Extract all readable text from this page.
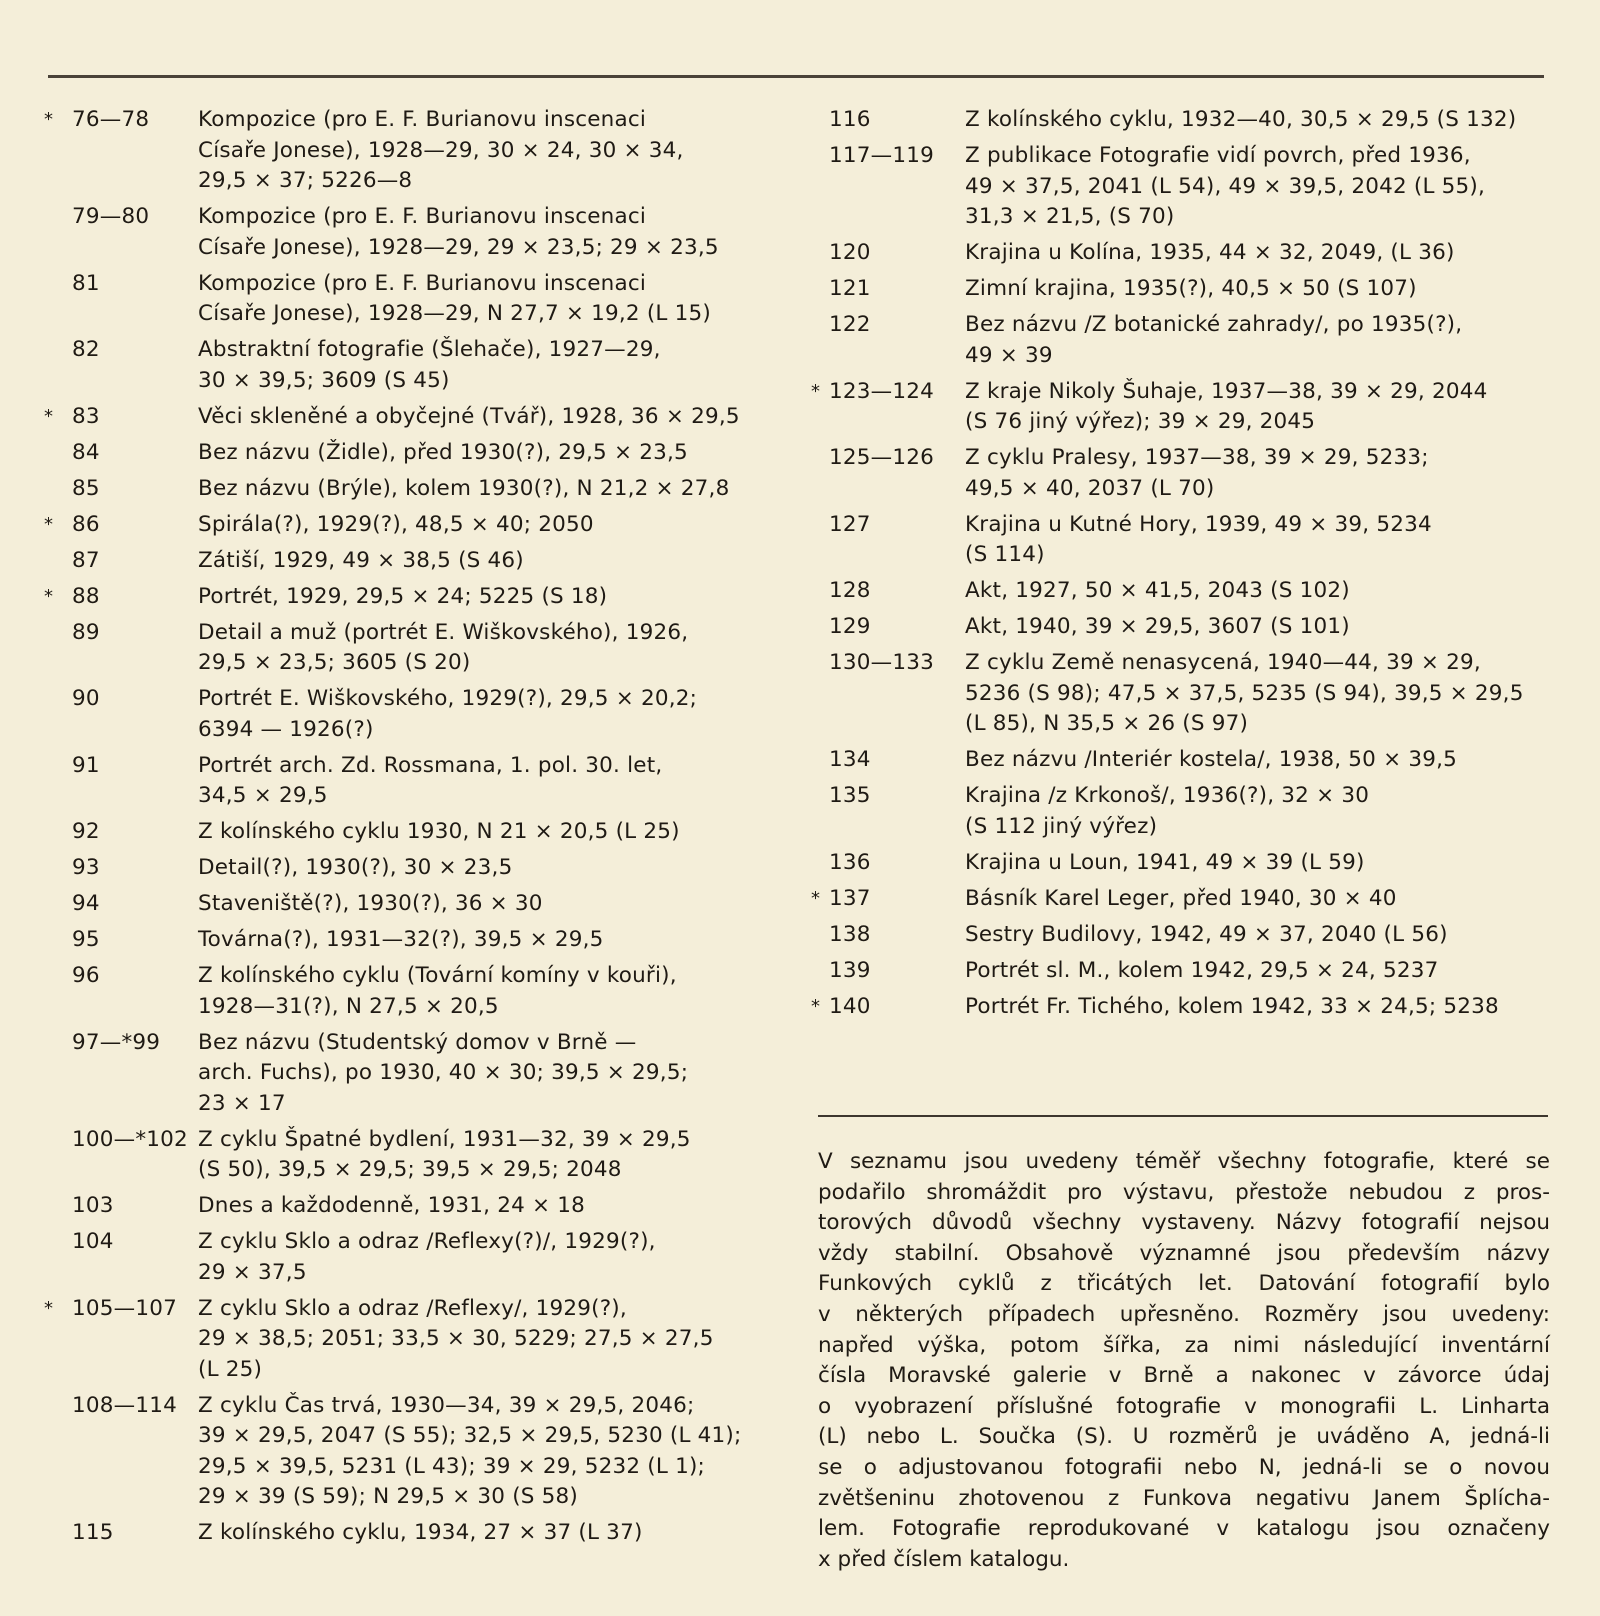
* 76—78 Kompozice (pro E. F. Burianovu inscenaci
Císaře Jonese), 1928—29, 30 × 24, 30 × 34,
29,5 × 37; 5226—8
79—80 Kompozice (pro E. F. Burianovu inscenaci
Císaře Jonese), 1928—29, 29 × 23,5; 29 × 23,5
81	Kompozice (pro E. F. Burianovu inscenaci
Císaře Jonese), 1928—29, N 27,7 × 19,2 (L 15)
82	Abstraktní fotografie (Šlehače), 1927—29,
30 × 39,5; 3609 (S 45)
* 83	Věci skleněné a obyčejné (Tvář), 1928, 36 × 29,5
84	Bez názvu (Židle), před 1930(?), 29,5 × 23,5
85	Bez názvu (Brýle), kolem 1930(?), N 21,2 × 27,8
* 86	Spirála(?), 1929(?), 48,5 × 40; 2050
87	Zátiší, 1929, 49 × 38,5 (S 46)
* 88	Portrét, 1929, 29,5 × 24; 5225 (S 18)
89	Detail a muž (portrét E. Wiškovského), 1926,
29,5 × 23,5; 3605 (S 20)
90	Portrét E. Wiškovského, 1929(?), 29,5 × 20,2;
6394 — 1926(?)
91	Portrét arch. Zd. Rossmana, 1. pol. 30. let,
34,5 × 29,5
92	Z kolínského cyklu 1930, N 21 × 20,5 (L 25)
93	Detail(?), 1930(?), 30 × 23,5
94	Staveniště(?), 1930(?), 36 × 30
95	Továrna(?), 1931—32(?), 39,5 × 29,5
96	Z kolínského cyklu (Tovární komíny v kouři),
1928—31(?), N 27,5 × 20,5
97—*99 Bez názvu (Studentský domov v Brně —
arch. Fuchs), po 1930, 40 × 30; 39,5 × 29,5;
23 × 17
100—*102 Z cyklu Špatné bydlení, 1931—32, 39 × 29,5
(S 50), 39,5 × 29,5; 39,5 × 29,5; 2048
103	Dnes a každodenně, 1931, 24 × 18
104	Z cyklu Sklo a odraz /Reflexy(?)/, 1929(?),
29 × 37,5
* 105—107 Z cyklu Sklo a odraz /Reflexy/, 1929(?),
29 × 38,5; 2051; 33,5 × 30, 5229; 27,5 × 27,5
(L 25)
108—114 Z cyklu Čas trvá, 1930—34, 39 × 29,5, 2046;
39 × 29,5, 2047 (S 55); 32,5 × 29,5, 5230 (L 41);
29,5 × 39,5, 5231 (L 43); 39 × 29, 5232 (L 1);
29 × 39 (S 59); N 29,5 × 30 (S 58)
115	Z kolínského cyklu, 1934, 27 × 37 (L 37)
116	Z kolínského cyklu, 1932—40, 30,5 × 29,5 (S 132)
117—119 Z publikace Fotografie vidí povrch, před 1936,
49 × 37,5, 2041 (L 54), 49 × 39,5, 2042 (L 55),
31,3 × 21,5, (S 70)
120	Krajina u Kolína, 1935, 44 × 32, 2049, (L 36)
121	Zimní krajina, 1935(?), 40,5 × 50 (S 107)
122	Bez názvu /Z botanické zahrady/, po 1935(?),
49 × 39
* 123—124 Z kraje Nikoly Šuhaje, 1937—38, 39 × 29, 2044
(S 76 jiný výřez); 39 × 29, 2045
125—126 Z cyklu Pralesy, 1937—38, 39 × 29, 5233;
49,5 × 40, 2037 (L 70)
127	Krajina u Kutné Hory, 1939, 49 × 39, 5234
(S 114)
128	Akt, 1927, 50 × 41,5, 2043 (S 102)
129	Akt, 1940, 39 × 29,5, 3607 (S 101)
130—133 Z cyklu Země nenasycená, 1940—44, 39 × 29,
5236 (S 98); 47,5 × 37,5, 5235 (S 94), 39,5 × 29,5
(L 85), N 35,5 × 26 (S 97)
134	Bez názvu /Interiér kostela/, 1938, 50 × 39,5
135	Krajina /z Krkonoš/, 1936(?), 32 × 30
(S 112 jiný výřez)
136	Krajina u Loun, 1941, 49 × 39 (L 59)
* 137	Básník Karel Leger, před 1940, 30 × 40
138	Sestry Budilovy, 1942, 49 × 37, 2040 (L 56)
139	Portrét sl. M., kolem 1942, 29,5 × 24, 5237
* 140	Portrét Fr. Tichého, kolem 1942, 33 × 24,5; 5238
V seznamu jsou uvedeny téměř všechny fotografie, které se
podařilo shromáždit pro výstavu, přestože nebudou z pros-
torových důvodů všechny vystaveny. Názvy fotografií nejsou
vždy stabilní. Obsahově významné jsou především názvy
Funkových cyklů z třicátých let. Datování fotografií bylo
v některých případech upřesněno. Rozměry jsou uvedeny:
napřed výška, potom šířka, za nimi následující inventární
čísla Moravské galerie v Brně a nakonec v závorce údaj
o vyobrazení příslušné fotografie v monografii L. Linharta
(L) nebo L. Součka (S). U rozměrů je uváděno A, jedná-li
se o adjustovanou fotografii nebo N, jedná-li se o novou
zvětšeninu zhotovenou z Funkova negativu Janem Šplícha-
lem. Fotografie reprodukované v katalogu jsou označeny
x před číslem katalogu.
